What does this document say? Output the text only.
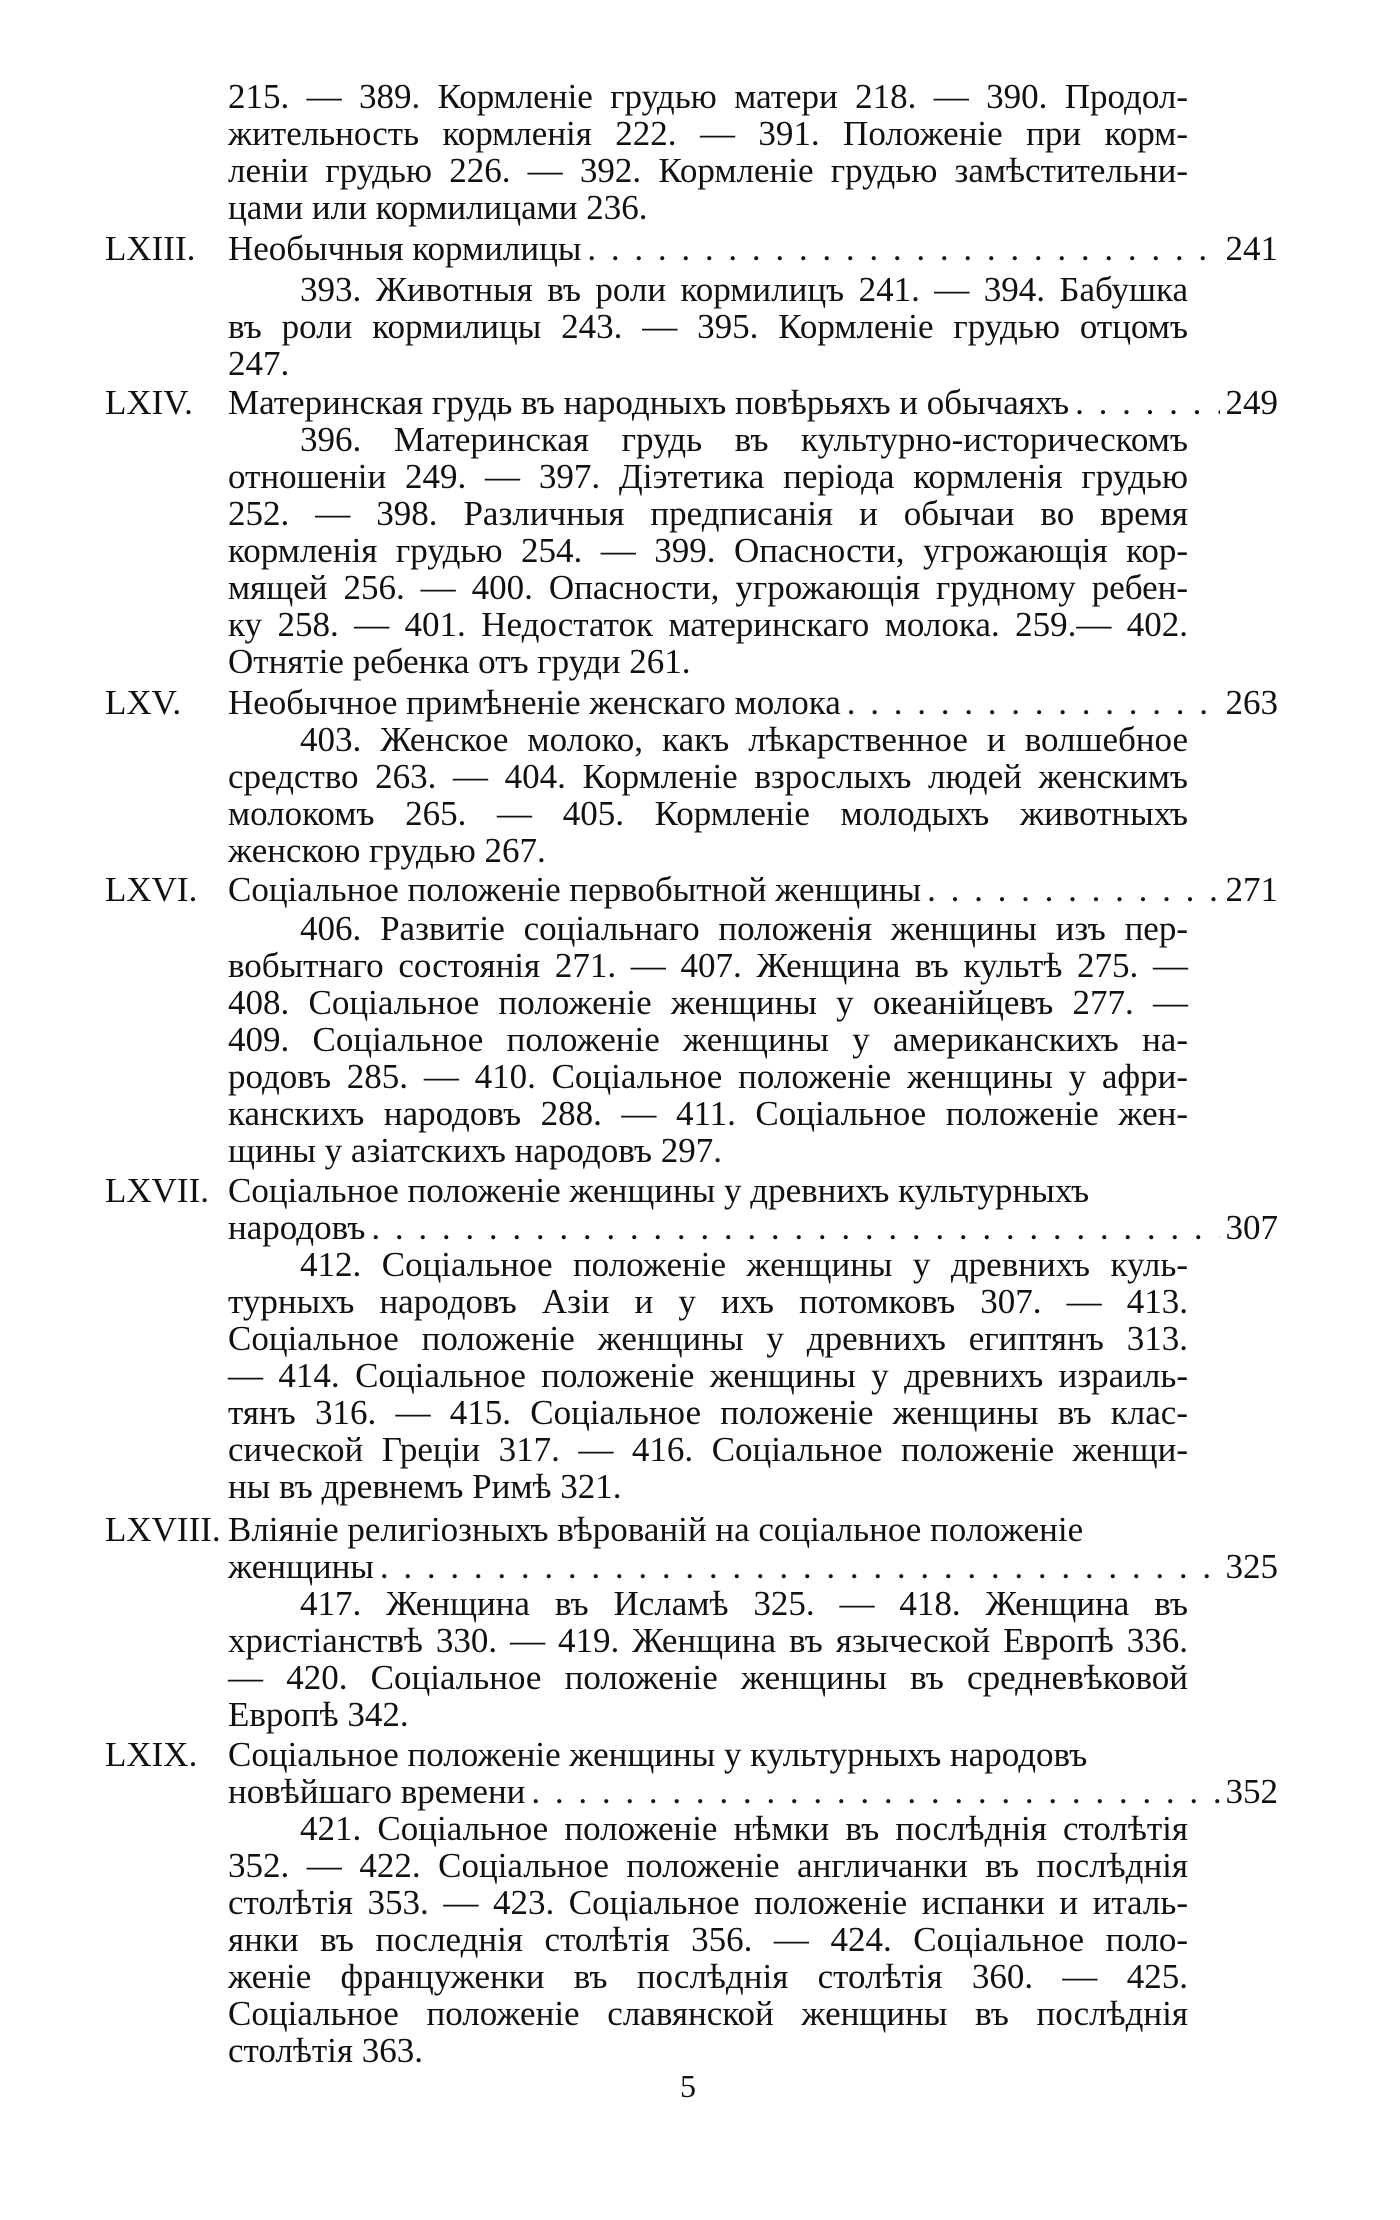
215. — 389. Кормленіе грудью матери 218. — 390. Продол-
жительность кормленія 222. — 391. Положеніе при корм-
леніи грудью 226. — 392. Кормленіе грудью замѣстительни-
цами или кормилицами 236.
LXIII. Необычныя кормилицы . . .	241
393. Животныя въ роли кормилицъ 241. — 394. Бабушка
въ роли кормилицы 243. — 395. Кормленіе грудью отцомъ
247.
LXIV. Материнская грудь въ народныхъ повѣрьяхъ и обычаяхъ . . .	249
396. Материнская грудь въ культурно-историческомъ
отношеніи 249. — 397. Діэтетика періода кормленія грудью
252. — 398. Различныя предписанія и обычаи во время
кормленія грудью 254. — 399. Опасности, угрожающія кор-
мящей 256. — 400. Опасности, угрожающія грудному ребен-
ку 258. — 401. Недостаток материнскаго молока. 259.— 402.
Отнятіе ребенка отъ груди 261.
LXV. Необычное примѣненіе женскаго молока . . .	263
403. Женское молоко, какъ лѣкарственное и волшебное
средство 263. — 404. Кормленіе взрослыхъ людей женскимъ
молокомъ 265. — 405. Кормленіе молодыхъ животныхъ
женскою грудью 267.
LXVI. Соціальное положеніе первобытной женщины . . .	271
406. Развитіе соціальнаго положенія женщины изъ пер-
вобытнаго состоянія 271. — 407. Женщина въ культѣ 275. —
408. Соціальное положеніе женщины у океанійцевъ 277. —
409. Соціальное положеніе женщины у американскихъ на-
родовъ 285. — 410. Соціальное положеніе женщины у афри-
канскихъ народовъ 288. — 411. Соціальное положеніе жен-
щины у азіатскихъ народовъ 297.
LXVII. Соціальное положеніе женщины у древнихъ культурныхъ
народовъ . . .	307
412. Соціальное положеніе женщины у древнихъ куль-
турныхъ народовъ Азіи и у ихъ потомковъ 307. — 413.
Соціальное положеніе женщины у древнихъ египтянъ 313.
— 414. Соціальное положеніе женщины у древнихъ израиль-
тянъ 316. — 415. Соціальное положеніе женщины въ клас-
сической Греціи 317. — 416. Соціальное положеніе женщи-
ны въ древнемъ Римѣ 321.
LXVIII. Вліяніе религіозныхъ вѣрованій на соціальное положеніе
женщины . . .	325
417. Женщина въ Исламѣ 325. — 418. Женщина въ
христіанствѣ 330. — 419. Женщина въ языческой Европѣ 336.
— 420. Соціальное положеніе женщины въ средневѣковой
Европѣ 342.
LXIX. Соціальное положеніе женщины у культурныхъ народовъ
новѣйшаго времени . . .	352
421. Соціальное положеніе нѣмки въ послѣднія столѣтія
352. — 422. Соціальное положеніе англичанки въ послѣднія
столѣтія 353. — 423. Соціальное положеніе испанки и италь-
янки въ последнія столѣтія 356. — 424. Соціальное поло-
женіе француженки въ послѣднія столѣтія 360. — 425.
Соціальное положеніе славянской женщины въ послѣднія
столѣтія 363.
5
